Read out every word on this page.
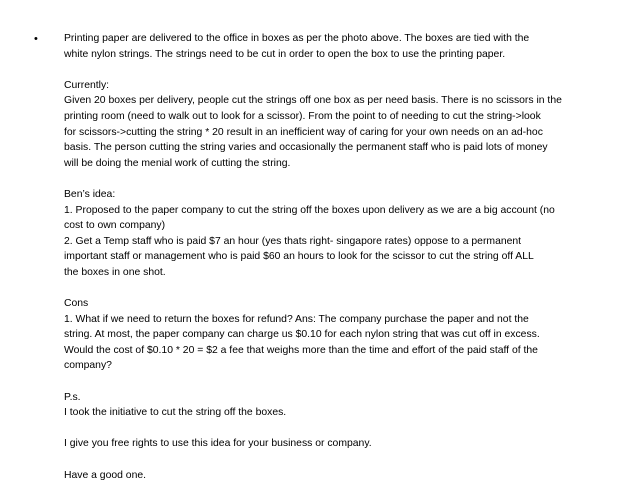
•	Printing paper are delivered to the office in boxes as per the photo above. The boxes are tied with the
white nylon strings. The strings need to be cut in order to open the box to use the printing paper.
Currently:
Given 20 boxes per delivery, people cut the strings off one box as per need basis. There is no scissors in the
printing room (need to walk out to look for a scissor). From the point to of needing to cut the string->look
for scissors->cutting the string * 20 result in an inefficient way of caring for your own needs on an ad-hoc
basis. The person cutting the string varies and occasionally the permanent staff who is paid lots of money
will be doing the menial work of cutting the string.
Ben’s idea:
1. Proposed to the paper company to cut the string off the boxes upon delivery as we are a big account (no
cost to own company)
2. Get a Temp staff who is paid $7 an hour (yes thats right- singapore rates) oppose to a permanent
important staff or management who is paid $60 an hours to look for the scissor to cut the string off ALL
the boxes in one shot.
Cons
1. What if we need to return the boxes for refund? Ans: The company purchase the paper and not the
string. At most, the paper company can charge us $0.10 for each nylon string that was cut off in excess.
Would the cost of $0.10 * 20 = $2 a fee that weighs more than the time and effort of the paid staff of the
company?
P.s.
I took the initiative to cut the string off the boxes.
I give you free rights to use this idea for your business or company.
Have a good one.
